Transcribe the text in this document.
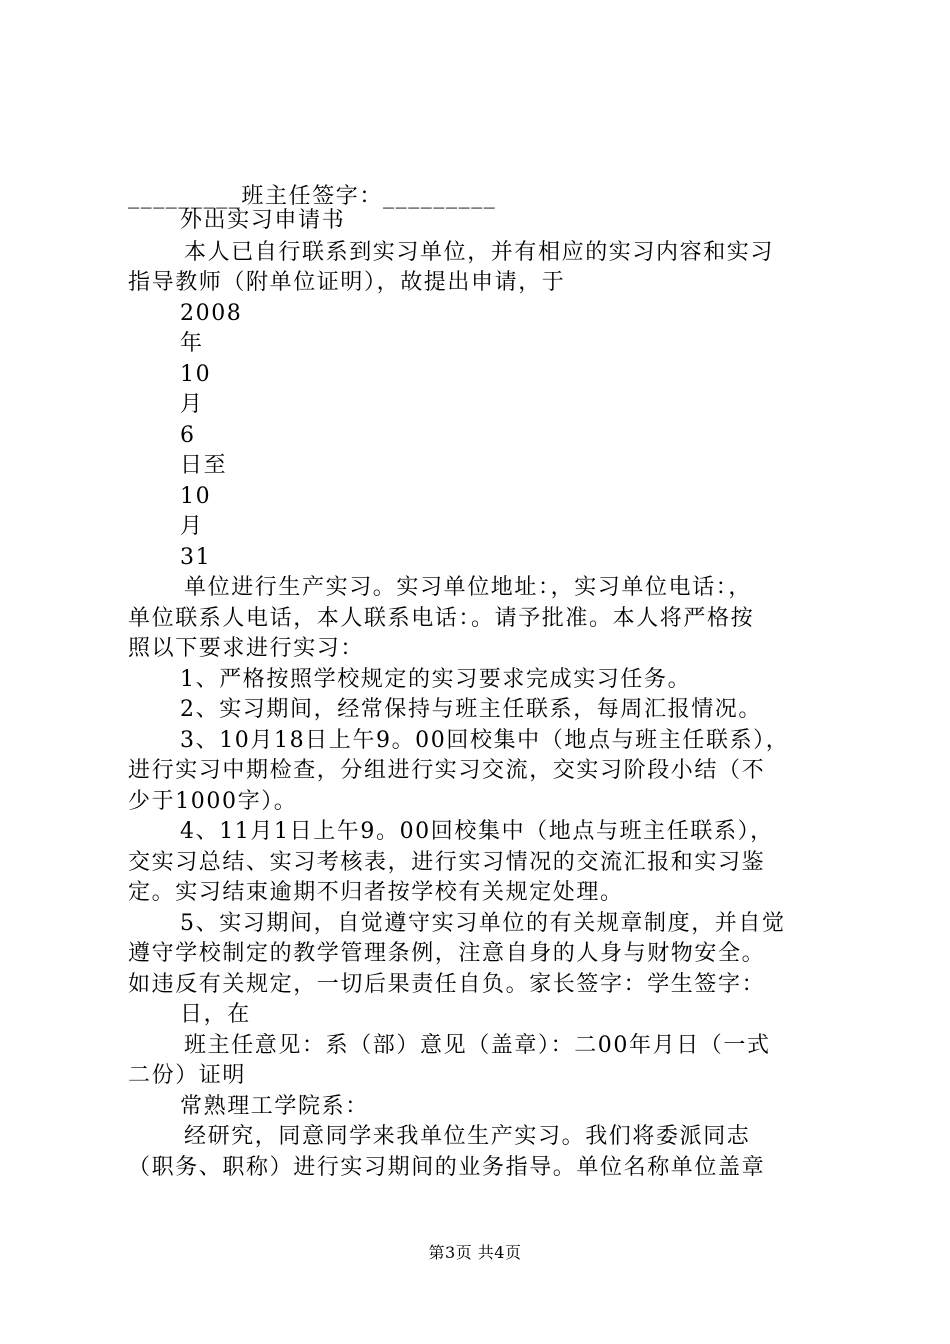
_________班主任签字：_________
外出实习申请书
本人已自行联系到实习单位，并有相应的实习内容和实习
指导教师（附单位证明），故提出申请，于
2008
年
10
月
6
日至
10
月
31
单位进行生产实习。实习单位地址：，实习单位电话：，
单位联系人电话，本人联系电话：。请予批准。本人将严格按
照以下要求进行实习：
1、严格按照学校规定的实习要求完成实习任务。
2、实习期间，经常保持与班主任联系，每周汇报情况。
3、10月18日上午9。00回校集中（地点与班主任联系），
进行实习中期检查，分组进行实习交流，交实习阶段小结（不
少于1000字）。
4、11月1日上午9。00回校集中（地点与班主任联系），
交实习总结、实习考核表，进行实习情况的交流汇报和实习鉴
定。实习结束逾期不归者按学校有关规定处理。
5、实习期间，自觉遵守实习单位的有关规章制度，并自觉
遵守学校制定的教学管理条例，注意自身的人身与财物安全。
如违反有关规定，一切后果责任自负。家长签字：学生签字：
日，在
班主任意见：系（部）意见（盖章）：二00年月日（一式
二份）证明
常熟理工学院系：
经研究，同意同学来我单位生产实习。我们将委派同志
（职务、职称）进行实习期间的业务指导。单位名称单位盖章
第3页 共4页
